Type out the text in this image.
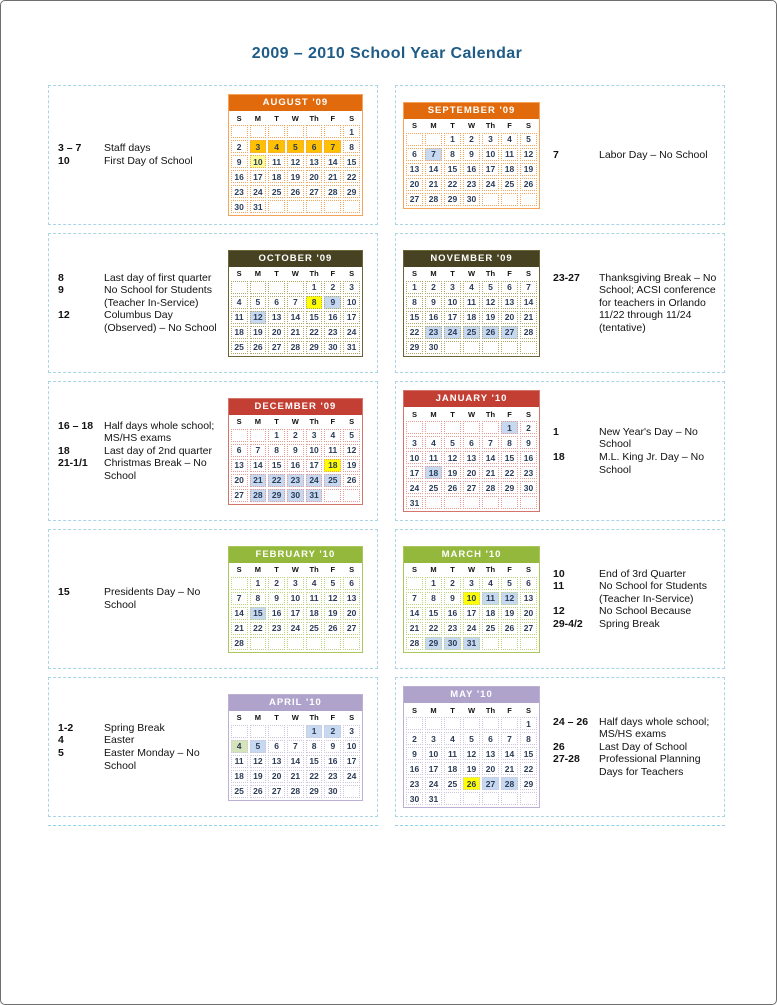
2009 – 2010 School Year Calendar
3 – 7	Staff days
10	First Day of School
AUGUST '09
S	M	T	W	Th	F	S
						1
2	3	4	5	6	7	8
9	10	11	12	13	14	15
16	17	18	19	20	21	22
23	24	25	26	27	28	29
30	31					
SEPTEMBER '09
S	M	T	W	Th	F	S
		1	2	3	4	5
6	7	8	9	10	11	12
13	14	15	16	17	18	19
20	21	22	23	24	25	26
27	28	29	30			
7	Labor Day – No School
8	Last day of first quarter
9	No School for Students (Teacher In-Service)
12	Columbus Day (Observed) – No School
OCTOBER '09
S	M	T	W	Th	F	S
				1	2	3
4	5	6	7	8	9	10
11	12	13	14	15	16	17
18	19	20	21	22	23	24
25	26	27	28	29	30	31
NOVEMBER '09
S	M	T	W	Th	F	S
1	2	3	4	5	6	7
8	9	10	11	12	13	14
15	16	17	18	19	20	21
22	23	24	25	26	27	28
29	30					
23-27	Thanksgiving Break – No School; ACSI conference for teachers in Orlando 11/22 through 11/24 (tentative)
16 – 18	Half days whole school; MS/HS exams
18	Last day of 2nd quarter
21-1/1	Christmas Break – No School
DECEMBER '09
S	M	T	W	Th	F	S
		1	2	3	4	5
6	7	8	9	10	11	12
13	14	15	16	17	18	19
20	21	22	23	24	25	26
27	28	29	30	31		
JANUARY '10
S	M	T	W	Th	F	S
					1	2
3	4	5	6	7	8	9
10	11	12	13	14	15	16
17	18	19	20	21	22	23
24	25	26	27	28	29	30
31						
1	New Year's Day – No School
18	M.L. King Jr. Day – No School
15	Presidents Day – No School
FEBRUARY '10
S	M	T	W	Th	F	S
	1	2	3	4	5	6
7	8	9	10	11	12	13
14	15	16	17	18	19	20
21	22	23	24	25	26	27
28						
MARCH '10
S	M	T	W	Th	F	S
	1	2	3	4	5	6
7	8	9	10	11	12	13
14	15	16	17	18	19	20
21	22	23	24	25	26	27
28	29	30	31			
10	End of 3rd Quarter
11	No School for Students (Teacher In-Service)
12	No School Because
29-4/2	Spring Break
1-2	Spring Break
4	Easter
5	Easter Monday – No School
APRIL '10
S	M	T	W	Th	F	S
				1	2	3
4	5	6	7	8	9	10
11	12	13	14	15	16	17
18	19	20	21	22	23	24
25	26	27	28	29	30	
MAY '10
S	M	T	W	Th	F	S
						1
2	3	4	5	6	7	8
9	10	11	12	13	14	15
16	17	18	19	20	21	22
23	24	25	26	27	28	29
30	31					
24 – 26	Half days whole school; MS/HS exams
26	Last Day of School
27-28	Professional Planning Days for Teachers
